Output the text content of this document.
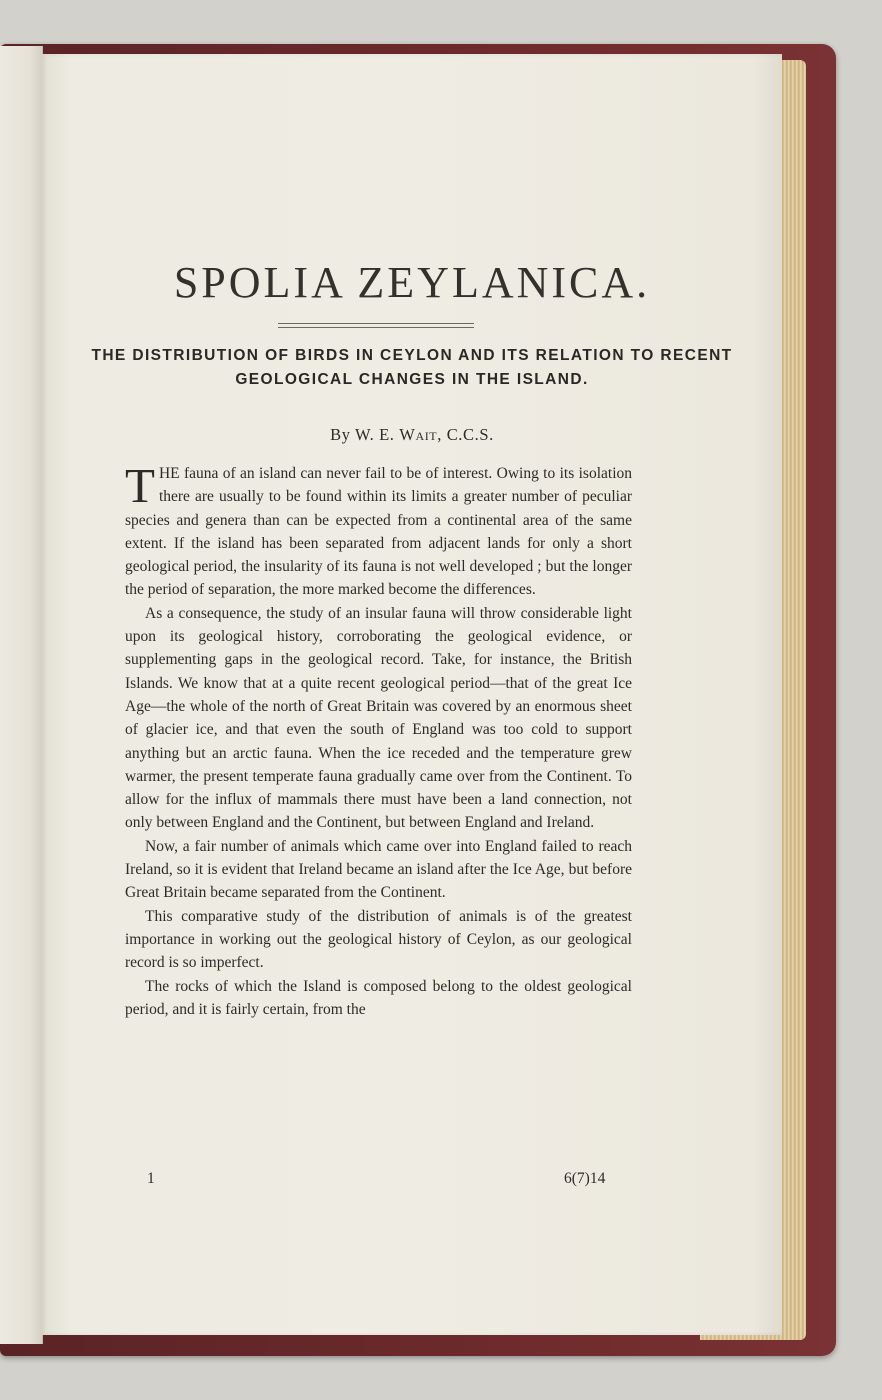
SPOLIA ZEYLANICA.
THE DISTRIBUTION OF BIRDS IN CEYLON AND ITS RELATION TO RECENT GEOLOGICAL CHANGES IN THE ISLAND.
By W. E. Wait, C.C.S.

THE fauna of an island can never fail to be of interest. Owing to its isolation there are usually to be found within its limits a greater number of peculiar species and genera than can be expected from a continental area of the same extent. If the island has been separated from adjacent lands for only a short geological period, the insularity of its fauna is not well developed ; but the longer the period of separation, the more marked become the differences.

As a consequence, the study of an insular fauna will throw considerable light upon its geological history, corroborating the geological evidence, or supplementing gaps in the geological record. Take, for instance, the British Islands. We know that at a quite recent geological period—that of the great Ice Age—the whole of the north of Great Britain was covered by an enormous sheet of glacier ice, and that even the south of England was too cold to support anything but an arctic fauna. When the ice receded and the temperature grew warmer, the present temperate fauna gradually came over from the Continent. To allow for the influx of mammals there must have been a land connection, not only between England and the Continent, but between England and Ireland.

Now, a fair number of animals which came over into England failed to reach Ireland, so it is evident that Ireland became an island after the Ice Age, but before Great Britain became separated from the Continent.

This comparative study of the distribution of animals is of the greatest importance in working out the geological history of Ceylon, as our geological record is so imperfect.

The rocks of which the Island is composed belong to the oldest geological period, and it is fairly certain, from the

1	6(7)14
